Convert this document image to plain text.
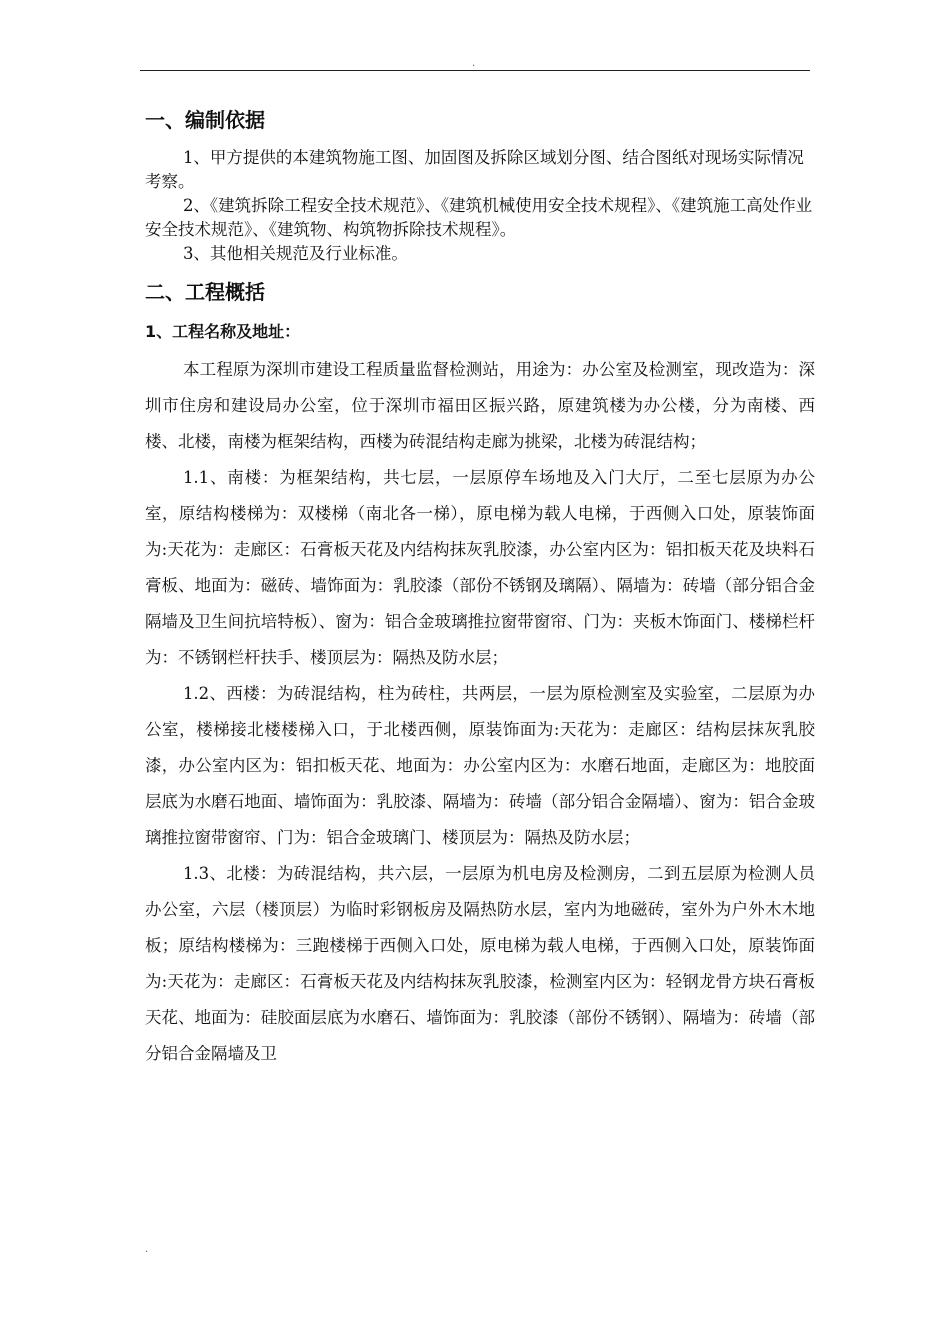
.
一、编制依据

1、甲方提供的本建筑物施工图、加固图及拆除区域划分图、结合图纸对现场实际情况考察。

2、《建筑拆除工程安全技术规范》、《建筑机械使用安全技术规程》、《建筑施工高处作业安全技术规范》、《建筑物、构筑物拆除技术规程》。

3、其他相关规范及行业标准。

二、工程概括
1、工程名称及地址：

本工程原为深圳市建设工程质量监督检测站，用途为：办公室及检测室，现改造为：深圳市住房和建设局办公室，位于深圳市福田区振兴路，原建筑楼为办公楼，分为南楼、西楼、北楼，南楼为框架结构，西楼为砖混结构走廊为挑梁，北楼为砖混结构；

1.1、南楼：为框架结构，共七层，一层原停车场地及入门大厅，二至七层原为办公室，原结构楼梯为：双楼梯（南北各一梯），原电梯为载人电梯，于西侧入口处，原装饰面为:天花为：走廊区：石膏板天花及内结构抹灰乳胶漆，办公室内区为：铝扣板天花及块料石膏板、地面为：磁砖、墙饰面为：乳胶漆（部份不锈钢及璃隔）、隔墙为：砖墙（部分铝合金隔墙及卫生间抗培特板）、窗为：铝合金玻璃推拉窗带窗帘、门为：夹板木饰面门、楼梯栏杆为：不锈钢栏杆扶手、楼顶层为：隔热及防水层；

1.2、西楼：为砖混结构，柱为砖柱，共两层，一层为原检测室及实验室，二层原为办公室，楼梯接北楼楼梯入口，于北楼西侧，原装饰面为:天花为：走廊区：结构层抹灰乳胶漆，办公室内区为：铝扣板天花、地面为：办公室内区为：水磨石地面，走廊区为：地胶面层底为水磨石地面、墙饰面为：乳胶漆、隔墙为：砖墙（部分铝合金隔墙）、窗为：铝合金玻璃推拉窗带窗帘、门为：铝合金玻璃门、楼顶层为：隔热及防水层；

1.3、北楼：为砖混结构，共六层，一层原为机电房及检测房，二到五层原为检测人员办公室，六层（楼顶层）为临时彩钢板房及隔热防水层，室内为地磁砖，室外为户外木木地板；原结构楼梯为：三跑楼梯于西侧入口处，原电梯为载人电梯，于西侧入口处，原装饰面为:天花为：走廊区：石膏板天花及内结构抹灰乳胶漆，检测室内区为：轻钢龙骨方块石膏板天花、地面为：硅胶面层底为水磨石、墙饰面为：乳胶漆（部份不锈钢）、隔墙为：砖墙（部分铝合金隔墙及卫

.
